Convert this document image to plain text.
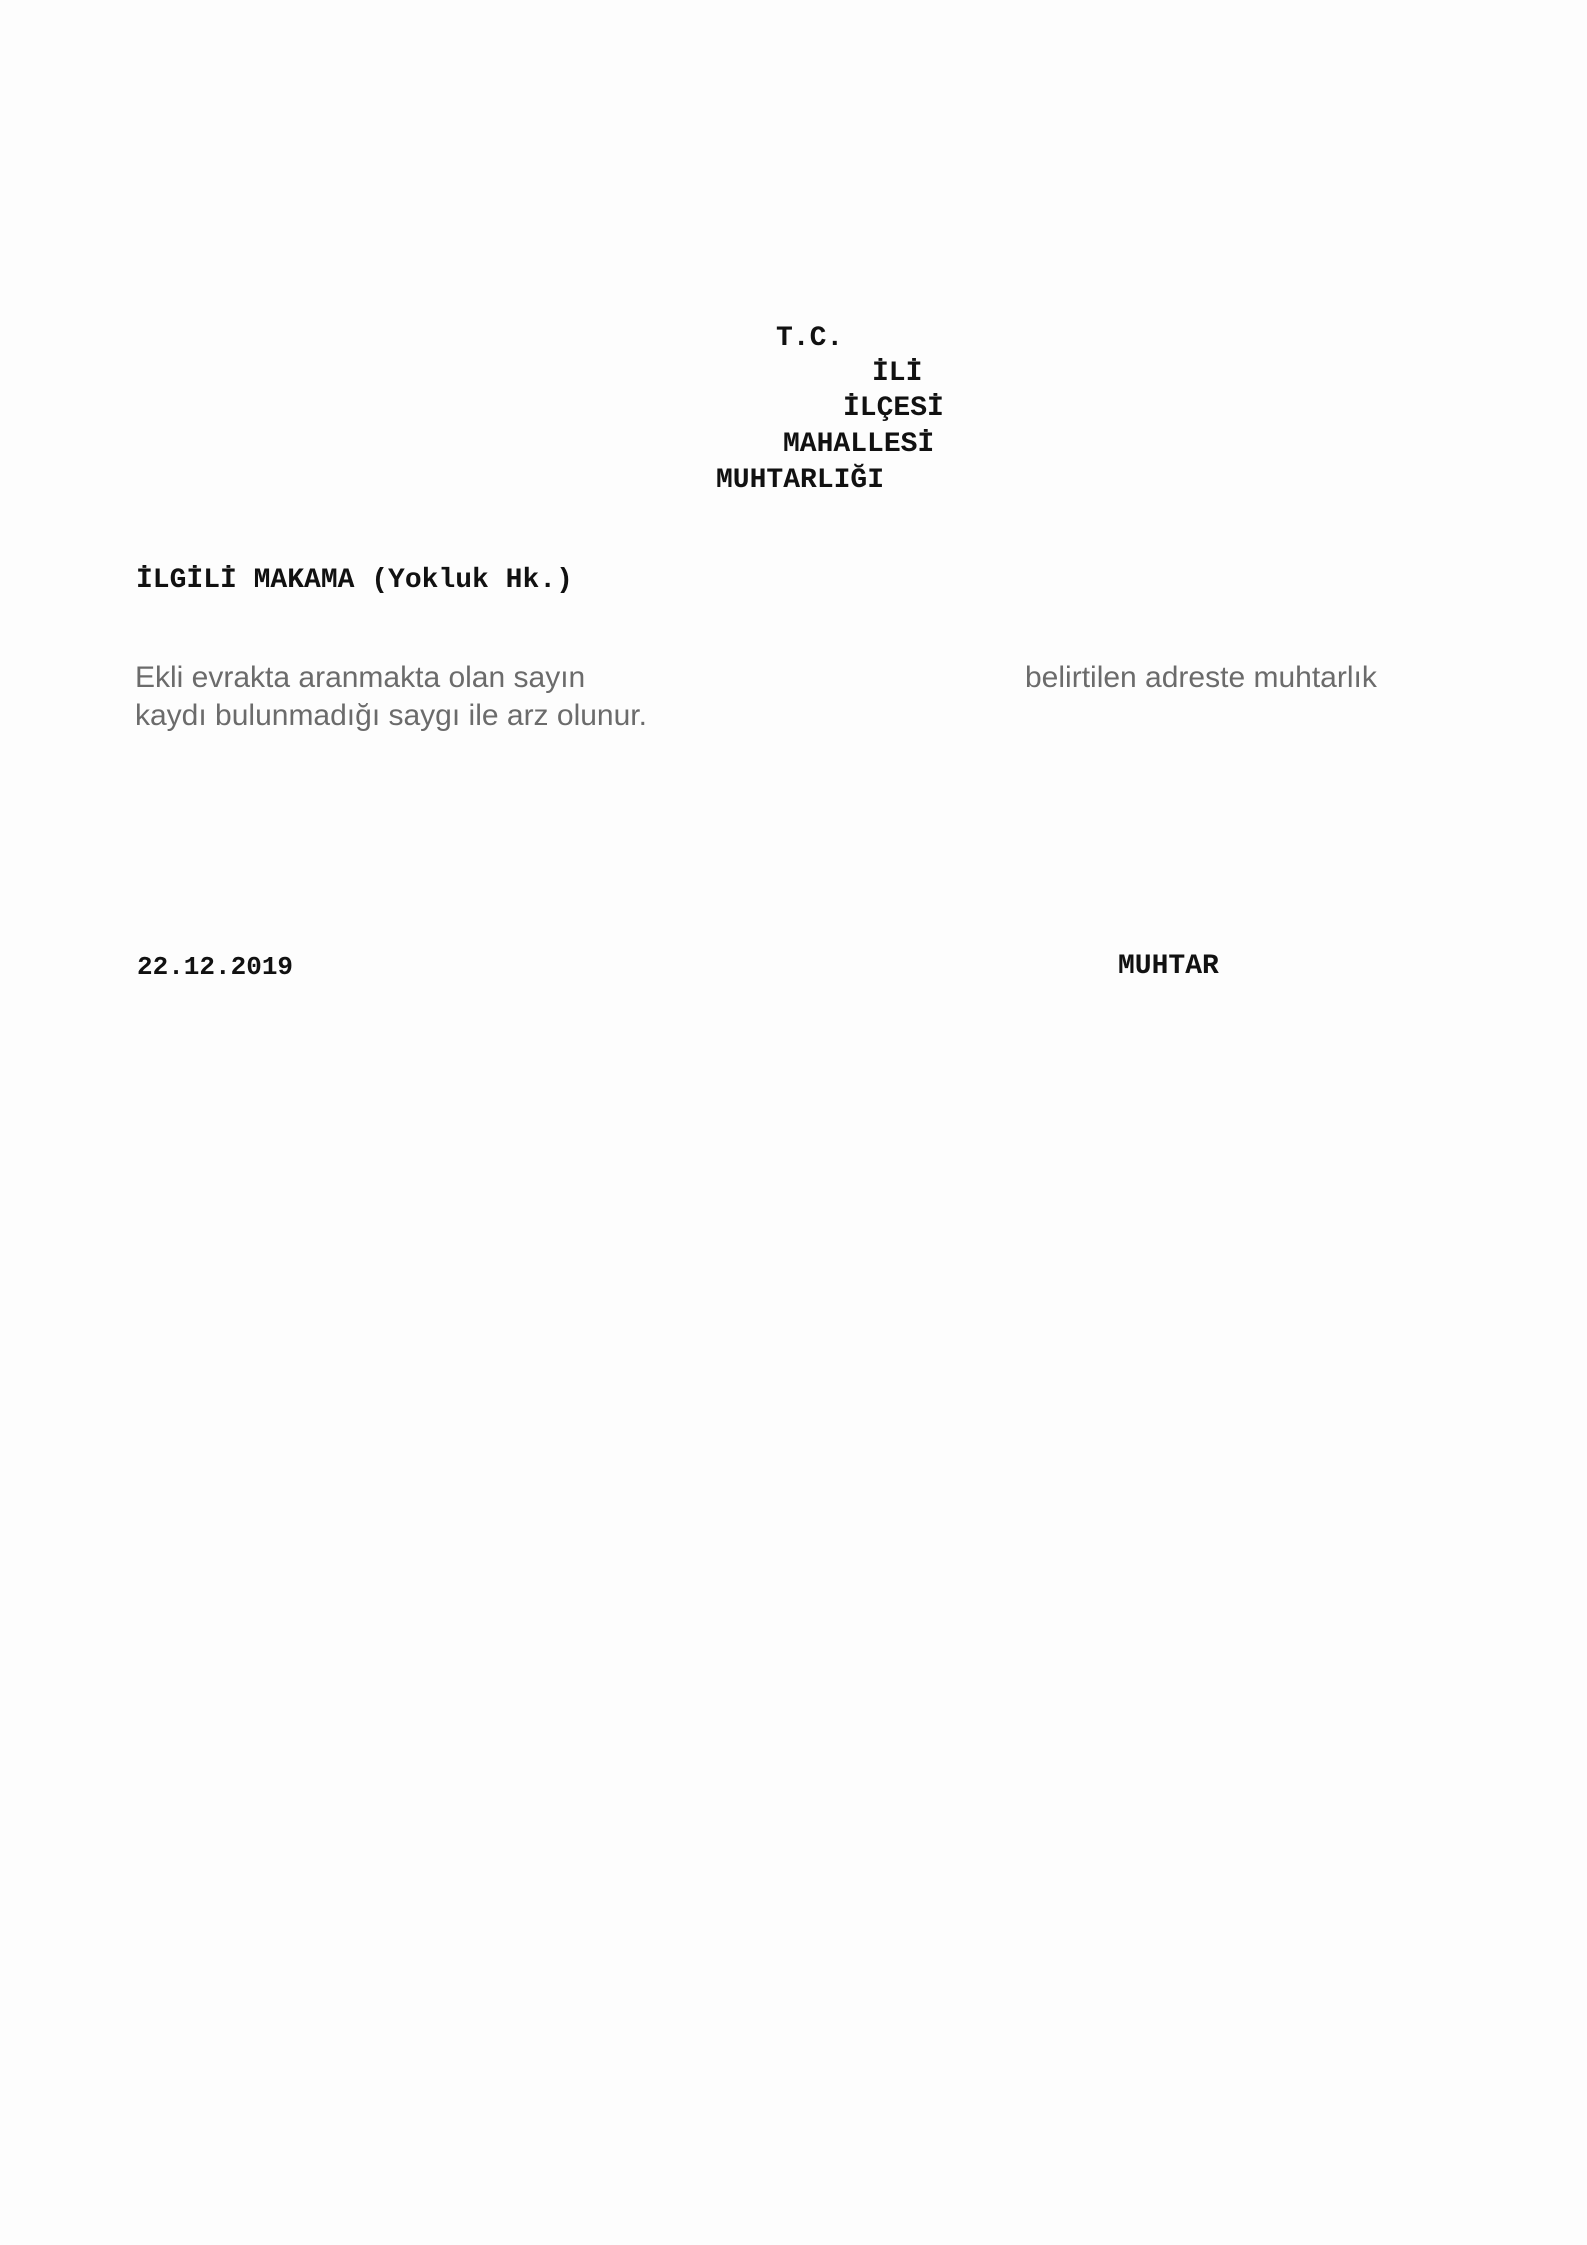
T.C.
İLİ
İLÇESİ
MAHALLESİ
MUHTARLIĞI
İLGİLİ MAKAMA (Yokluk Hk.)
Ekli evrakta aranmakta olan sayın	belirtilen adreste muhtarlık
kaydı bulunmadığı saygı ile arz olunur.
22.12.2019	MUHTAR
